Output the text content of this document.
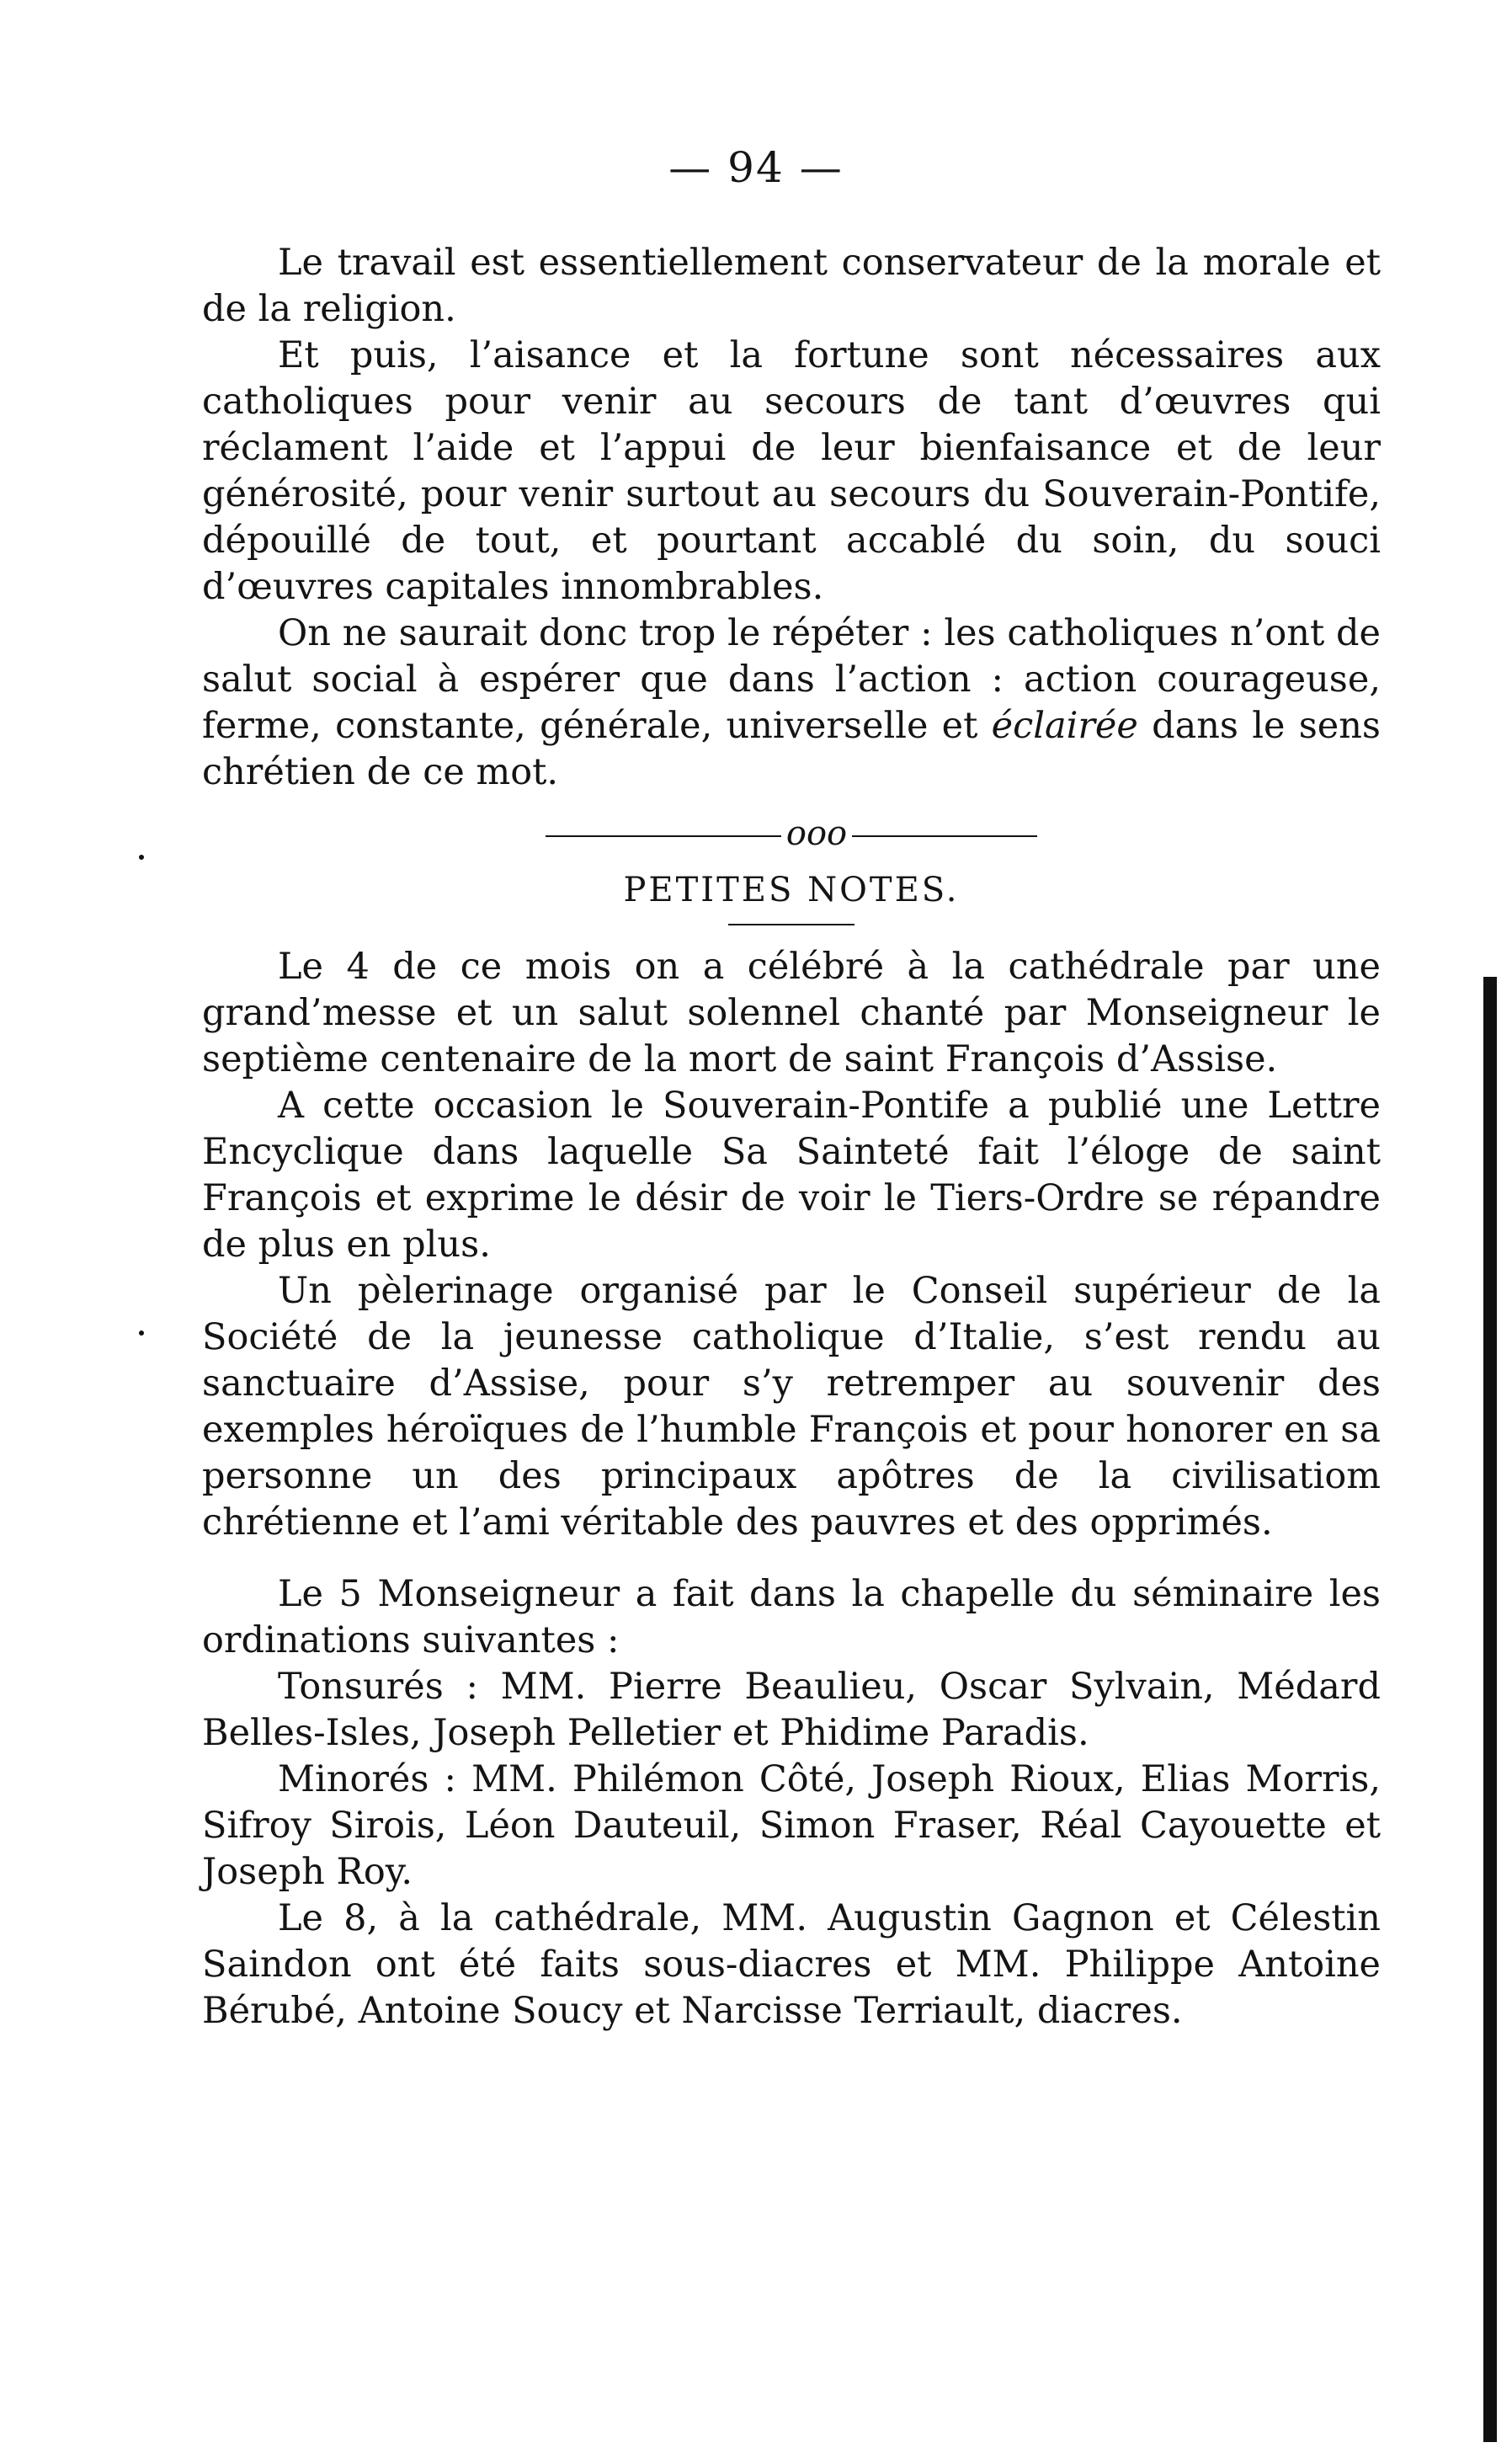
— 94 —

Le travail est essentiellement conservateur de la morale et de la religion.

Et puis, l’aisance et la fortune sont nécessaires aux catholiques pour venir au secours de tant d’œuvres qui réclament l’aide et l’appui de leur bienfaisance et de leur générosité, pour venir surtout au secours du Souverain-Pontife, dépouillé de tout, et pourtant accablé du soin, du souci d’œuvres capitales innombrables.

On ne saurait donc trop le répéter : les catholiques n’ont de salut social à espérer que dans l’action : action courageuse, ferme, constante, générale, universelle et éclairée dans le sens chrétien de ce mot.

ooo
PETITES NOTES.

Le 4 de ce mois on a célébré à la cathédrale par une grand’messe et un salut solennel chanté par Monseigneur le septième centenaire de la mort de saint François d’Assise.

A cette occasion le Souverain-Pontife a publié une Lettre Encyclique dans laquelle Sa Sainteté fait l’éloge de saint François et exprime le désir de voir le Tiers-Ordre se répandre de plus en plus.

Un pèlerinage organisé par le Conseil supérieur de la Société de la jeunesse catholique d’Italie, s’est rendu au sanctuaire d’Assise, pour s’y retremper au souvenir des exemples héroïques de l’humble François et pour honorer en sa personne un des principaux apôtres de la civilisatiom chrétienne et l’ami véritable des pauvres et des opprimés.

Le 5 Monseigneur a fait dans la chapelle du séminaire les ordinations suivantes :

Tonsurés : MM. Pierre Beaulieu, Oscar Sylvain, Médard Belles-Isles, Joseph Pelletier et Phidime Paradis.

Minorés : MM. Philémon Côté, Joseph Rioux, Elias Morris, Sifroy Sirois, Léon Dauteuil, Simon Fraser, Réal Cayouette et Joseph Roy.

Le 8, à la cathédrale, MM. Augustin Gagnon et Célestin Saindon ont été faits sous-diacres et MM. Philippe Antoine Bérubé, Antoine Soucy et Narcisse Terriault, diacres.
